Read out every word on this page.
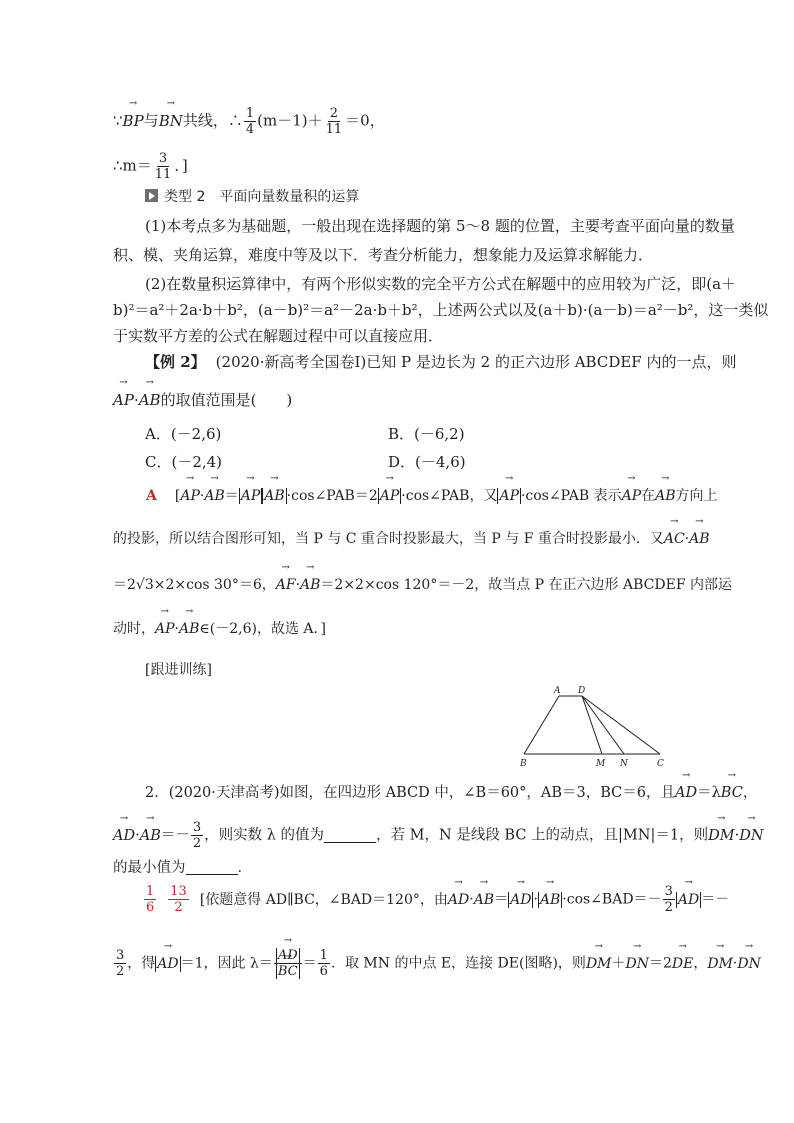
∵→ BP与→ BN共线，∴ $\frac{1}{4} (m-1)+ \frac{2}{11} =0$，
∴m＝ $\frac{3}{11}$ ．]
类型 2　平面向量数量积的运算
(1)本考点多为基础题，一般出现在选择题的第 5～8 题的位置，主要考查平面向量的数量
积、模、夹角运算，难度中等及以下．考查分析能力，想象能力及运算求解能力．
(2)在数量积运算律中，有两个形似实数的完全平方公式在解题中的应用较为广泛，即(a＋
b)²＝a²＋2a·b＋b²，(a－b)²＝a²－2a·b＋b²，上述两公式以及(a＋b)·(a－b)＝a²－b²，这一类似
于实数平方差的公式在解题过程中可以直接应用．
【例 2】 (2020·新高考全国卷Ⅰ)已知 P 是边长为 2 的正六边形 ABCDEF 内的一点，则
→ AP·→ AB的取值范围是(　　)
A．(－2,6)	B．(－6,2)
C．(－2,4)	D．(－4,6)
A [→ AP·→ AB＝ → AP → AB ·cos∠PAB＝2 → AP ·cos∠PAB，又 → AP ·cos∠PAB 表示→ AP在→ AB方向上
的投影，所以结合图形可知，当 P 与 C 重合时投影最大，当 P 与 F 重合时投影最小．又→ AC·→ AB
＝2√3×2×cos 30°＝6，→ AF·→ AB＝2×2×cos 120°＝－2，故当点 P 在正六边形 ABCDEF 内部运
动时，→ AP·→ AB∈(－2,6)，故选 A．]
[跟进训练]
A D
B	M N	C
2．(2020·天津高考)如图，在四边形 ABCD 中，∠B＝60°，AB＝3，BC＝6，且→ AD＝λ→ BC，
→ $AD\cdot\to AB=- \frac{3}{2}$ ，则实数 λ 的值为	，若 M，N 是线段 BC 上的动点，且|MN|＝1，则→ DM·→ DN
的最小值为	．
$\frac{1}{6} \frac{13}{2}$ [依题意得 AD∥BC，∠BAD＝120°，由→ AD·→ AB＝ → AD · → AB ·cos∠BAD＝－ $\frac{3}{2}$ → AD ＝－
$\frac{3}{2}$ ，得 → AD ＝1，因此 λ＝ → AD
→ BC ＝ $\frac{1}{6}$ ．取 MN 的中点 E，连接 DE(图略)，则→ DM＋→ DN＝2→ DE，→ DM·→ DN
